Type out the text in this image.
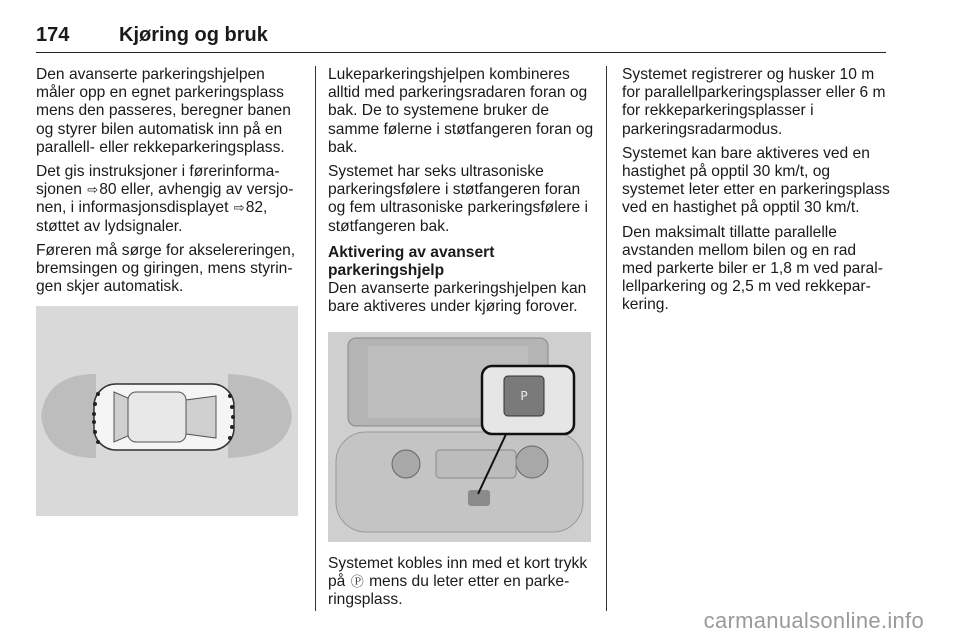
174 Kjøring og bruk

Den avanserte parkeringshjelpen måler opp en egnet parkeringsplass mens den passeres, beregner banen og styrer bilen automatisk inn på en parallell- eller rekkeparkeringsplass.

Det gis instruksjoner i førerinformasjonen ⇨80 eller, avhengig av versjonen, i informasjonsdisplayet ⇨82, støttet av lydsignaler.

Føreren må sørge for akselereringen, bremsingen og giringen, mens styringen skjer automatisk.

Lukeparkeringshjelpen kombineres alltid med parkeringsradaren foran og bak. De to systemene bruker de samme følerne i støtfangeren foran og bak.

Systemet har seks ultrasoniske parkeringsfølere i støtfangeren foran og fem ultrasoniske parkeringsfølere i støtfangeren bak.

Aktivering av avansert parkeringshjelp

Den avanserte parkeringshjelpen kan bare aktiveres under kjøring forover.

P
Systemet kobles inn med et kort trykk på Ⓟ mens du leter etter en parkeringsplass.

Systemet registrerer og husker 10 m for parallellparkeringsplasser eller 6 m for rekkeparkeringsplasser i parkeringsradarmodus.

Systemet kan bare aktiveres ved en hastighet på opptil 30 km/t, og systemet leter etter en parkeringsplass ved en hastighet på opptil 30 km/t.

Den maksimalt tillatte parallelle avstanden mellom bilen og en rad med parkerte biler er 1,8 m ved parallellparkering og 2,5 m ved rekkeparkering.

carmanualsonline.info
